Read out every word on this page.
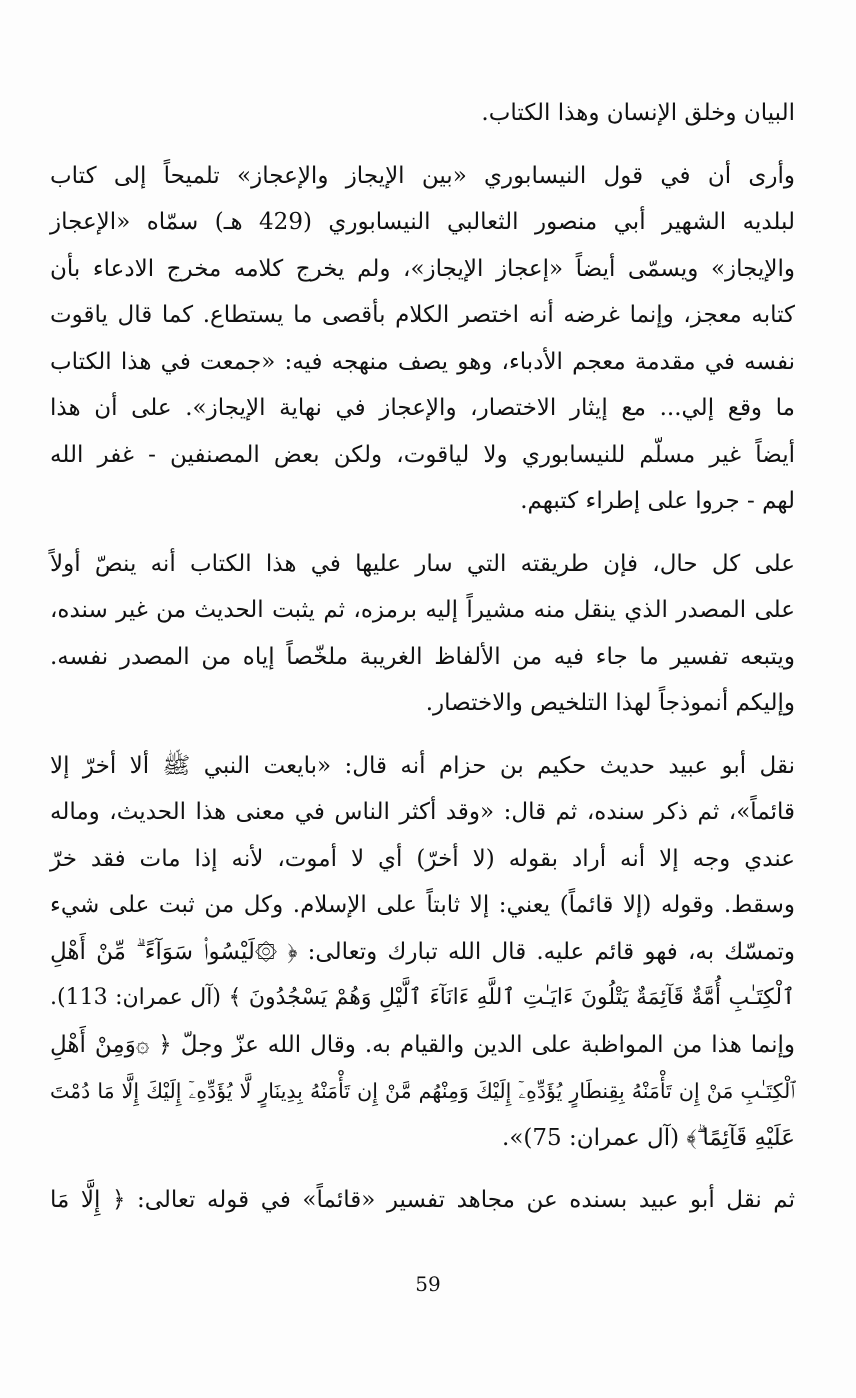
البيان وخلق الإنسان وهذا الكتاب.
وأرى أن في قول النيسابوري «بين الإيجاز والإعجاز» تلميحاً إلى كتاب
لبلديه الشهير أبي منصور الثعالبي النيسابوري (429 هـ) سمّاه «الإعجاز
والإيجاز» ويسمّى أيضاً «إعجاز الإيجاز»، ولم يخرج كلامه مخرج الادعاء بأن
كتابه معجز، وإنما غرضه أنه اختصر الكلام بأقصى ما يستطاع. كما قال ياقوت
نفسه في مقدمة معجم الأدباء، وهو يصف منهجه فيه: «جمعت في هذا الكتاب
ما وقع إلي... مع إيثار الاختصار، والإعجاز في نهاية الإيجاز». على أن هذا
أيضاً غير مسلّم للنيسابوري ولا لياقوت، ولكن بعض المصنفين - غفر الله
لهم - جروا على إطراء كتبهم.
على كل حال، فإن طريقته التي سار عليها في هذا الكتاب أنه ينصّ أولاً
على المصدر الذي ينقل منه مشيراً إليه برمزه، ثم يثبت الحديث من غير سنده،
ويتبعه تفسير ما جاء فيه من الألفاظ الغريبة ملخّصاً إياه من المصدر نفسه.
وإليكم أنموذجاً لهذا التلخيص والاختصار.
نقل أبو عبيد حديث حكيم بن حزام أنه قال: «بايعت النبي ﷺ ألا أخرّ إلا
قائماً»، ثم ذكر سنده، ثم قال: «وقد أكثر الناس في معنى هذا الحديث، وماله
عندي وجه إلا أنه أراد بقوله (لا أخرّ) أي لا أموت، لأنه إذا مات فقد خرّ
وسقط. وقوله (إلا قائماً) يعني: إلا ثابتاً على الإسلام. وكل من ثبت على شيء
وتمسّك به، فهو قائم عليه. قال الله تبارك وتعالى: ﴿ ۞لَيْسُوا۟ سَوَآءً ۗ مِّنْ أَهْلِ
ٱلْكِتَـٰبِ أُمَّةٌ قَآئِمَةٌ يَتْلُونَ ءَايَـٰتِ ٱللَّهِ ءَانَآءَ ٱلَّيْلِ وَهُمْ يَسْجُدُونَ ﴾ (آل عمران: 113).
وإنما هذا من المواظبة على الدين والقيام به. وقال الله عزّ وجلّ ﴿ ۞وَمِنْ أَهْلِ
ٱلْكِتَـٰبِ مَنْ إِن تَأْمَنْهُ بِقِنطَارٍ يُؤَدِّهِۦٓ إِلَيْكَ وَمِنْهُم مَّنْ إِن تَأْمَنْهُ بِدِينَارٍ لَّا يُؤَدِّهِۦٓ إِلَيْكَ إِلَّا مَا دُمْتَ
عَلَيْهِ قَآئِمًا ۗ﴾ (آل عمران: 75)».
ثم نقل أبو عبيد بسنده عن مجاهد تفسير «قائماً» في قوله تعالى: ﴿ إِلَّا مَا
59
